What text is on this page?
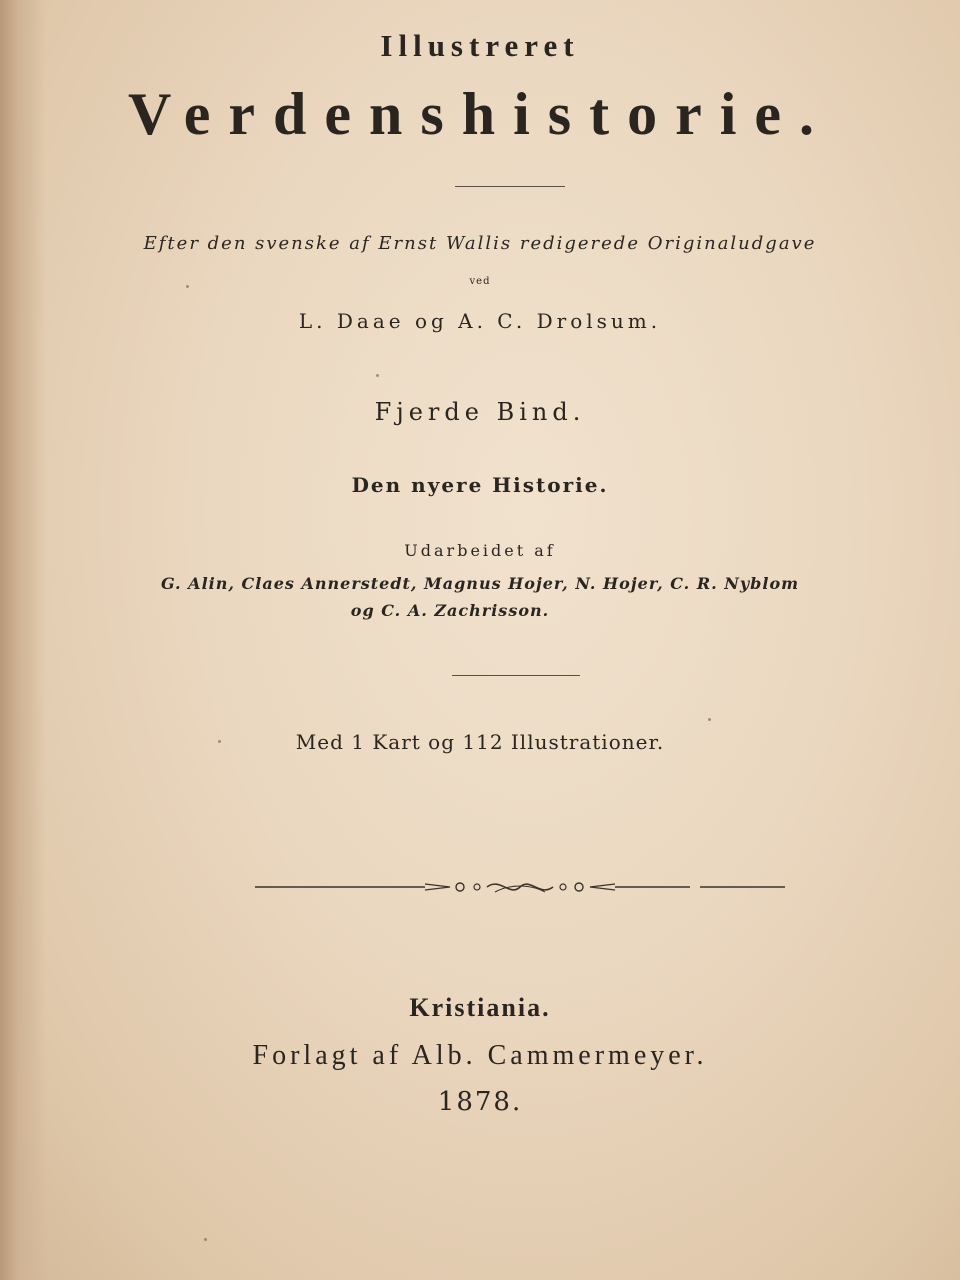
Illustreret

Verdenshistorie.

Efter den svenske af Ernst Wallis redigerede Originaludgave

ved

L. Daae og A. C. Drolsum.

Fjerde Bind.

Den nyere Historie.

Udarbeidet af

G. Alin, Claes Annerstedt, Magnus Hojer, N. Hojer, C. R. Nyblom

og C. A. Zachrisson.

Med 1 Kart og 112 Illustrationer.

Kristiania.

Forlagt af Alb. Cammermeyer.

1878.
